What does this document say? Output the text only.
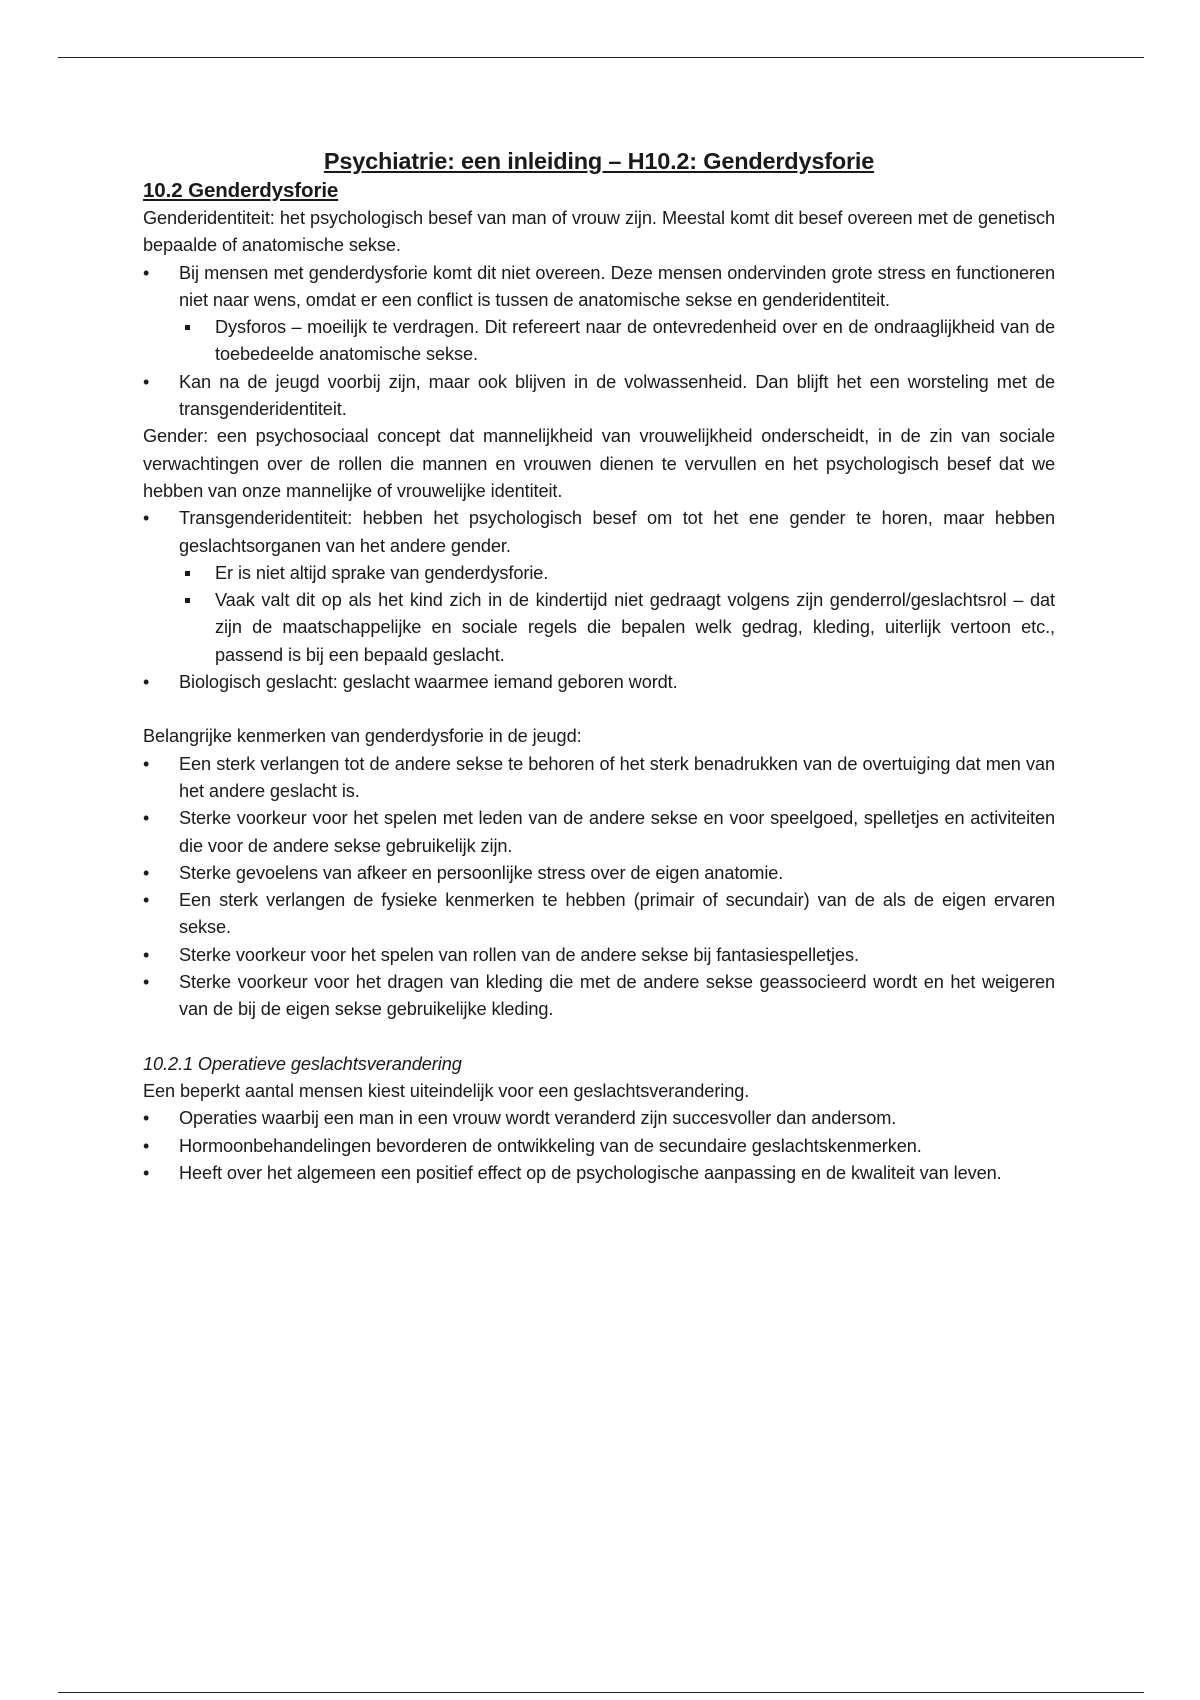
Psychiatrie: een inleiding – H10.2: Genderdysforie
10.2 Genderdysforie

Genderidentiteit: het psychologisch besef van man of vrouw zijn. Meestal komt dit besef overeen met de genetisch bepaalde of anatomische sekse.

• Bij mensen met genderdysforie komt dit niet overeen. Deze mensen ondervinden grote stress en functioneren niet naar wens, omdat er een conflict is tussen de anatomische sekse en genderidentiteit.
Dysforos – moeilijk te verdragen. Dit refereert naar de ontevredenheid over en de ondraaglijkheid van de toebedeelde anatomische sekse.
• Kan na de jeugd voorbij zijn, maar ook blijven in de volwassenheid. Dan blijft het een worsteling met de transgenderidentiteit.

Gender: een psychosociaal concept dat mannelijkheid van vrouwelijkheid onderscheidt, in de zin van sociale verwachtingen over de rollen die mannen en vrouwen dienen te vervullen en het psychologisch besef dat we hebben van onze mannelijke of vrouwelijke identiteit.

• Transgenderidentiteit: hebben het psychologisch besef om tot het ene gender te horen, maar hebben geslachtsorganen van het andere gender.
Er is niet altijd sprake van genderdysforie.
Vaak valt dit op als het kind zich in de kindertijd niet gedraagt volgens zijn genderrol/geslachtsrol – dat zijn de maatschappelijke en sociale regels die bepalen welk gedrag, kleding, uiterlijk vertoon etc., passend is bij een bepaald geslacht.
• Biologisch geslacht: geslacht waarmee iemand geboren wordt.

Belangrijke kenmerken van genderdysforie in de jeugd:

• Een sterk verlangen tot de andere sekse te behoren of het sterk benadrukken van de overtuiging dat men van het andere geslacht is.
• Sterke voorkeur voor het spelen met leden van de andere sekse en voor speelgoed, spelletjes en activiteiten die voor de andere sekse gebruikelijk zijn.
• Sterke gevoelens van afkeer en persoonlijke stress over de eigen anatomie.
• Een sterk verlangen de fysieke kenmerken te hebben (primair of secundair) van de als de eigen ervaren sekse.
• Sterke voorkeur voor het spelen van rollen van de andere sekse bij fantasiespelletjes.
• Sterke voorkeur voor het dragen van kleding die met de andere sekse geassocieerd wordt en het weigeren van de bij de eigen sekse gebruikelijke kleding.

10.2.1 Operatieve geslachtsverandering

Een beperkt aantal mensen kiest uiteindelijk voor een geslachtsverandering.

• Operaties waarbij een man in een vrouw wordt veranderd zijn succesvoller dan andersom.
• Hormoonbehandelingen bevorderen de ontwikkeling van de secundaire geslachtskenmerken.
• Heeft over het algemeen een positief effect op de psychologische aanpassing en de kwaliteit van leven.
